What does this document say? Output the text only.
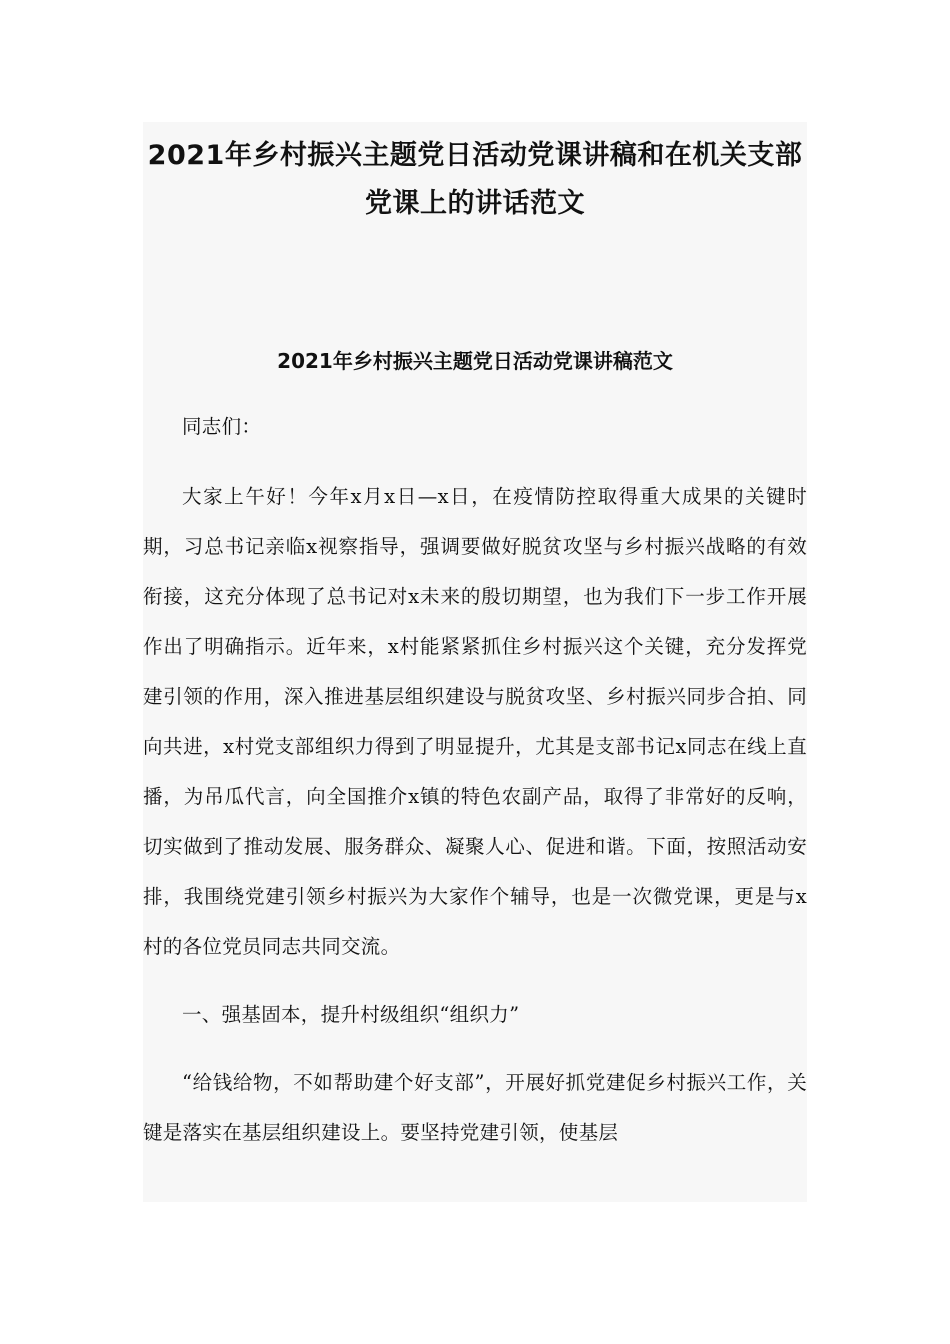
2021年乡村振兴主题党日活动党课讲稿和在机关支部党课上的讲话范文
2021年乡村振兴主题党日活动党课讲稿范文

同志们：

大家上午好！今年x月x日—x日，在疫情防控取得重大成果的关键时期，习总书记亲临x视察指导，强调要做好脱贫攻坚与乡村振兴战略的有效衔接，这充分体现了总书记对x未来的殷切期望，也为我们下一步工作开展作出了明确指示。近年来，x村能紧紧抓住乡村振兴这个关键，充分发挥党建引领的作用，深入推进基层组织建设与脱贫攻坚、乡村振兴同步合拍、同向共进，x村党支部组织力得到了明显提升，尤其是支部书记x同志在线上直播，为吊瓜代言，向全国推介x镇的特色农副产品，取得了非常好的反响，切实做到了推动发展、服务群众、凝聚人心、促进和谐。下面，按照活动安排，我围绕党建引领乡村振兴为大家作个辅导，也是一次微党课，更是与x村的各位党员同志共同交流。

一、强基固本，提升村级组织“组织力”

“给钱给物，不如帮助建个好支部”，开展好抓党建促乡村振兴工作，关键是落实在基层组织建设上。要坚持党建引领，使基层
